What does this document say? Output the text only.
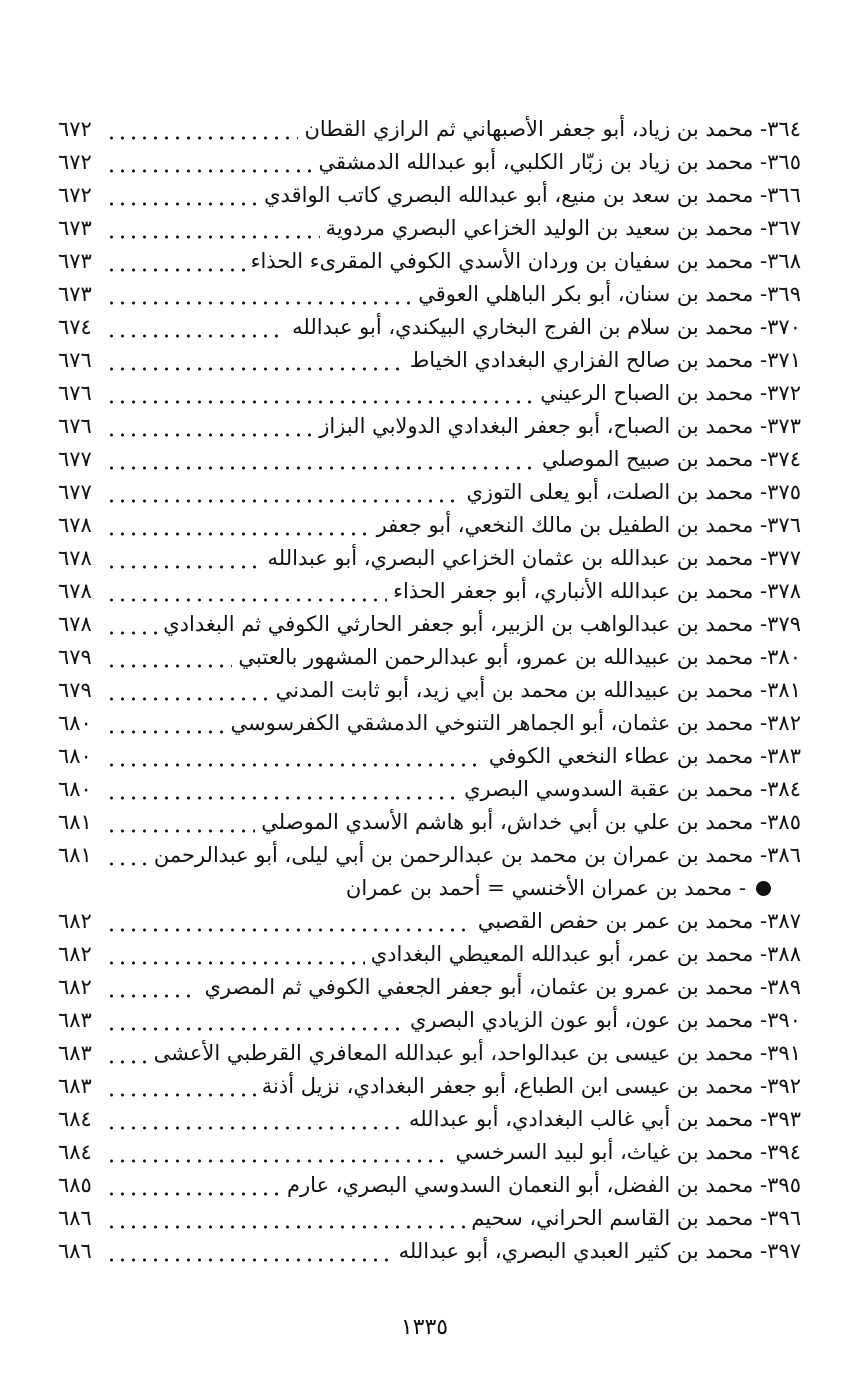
٣٦٤- محمد بن زياد، أبو جعفر الأصبهاني ثم الرازي القطان
٦٧٢
٣٦٥- محمد بن زياد بن زبّار الكلبي، أبو عبدالله الدمشقي
٦٧٢
٣٦٦- محمد بن سعد بن منيع، أبو عبدالله البصري كاتب الواقدي
٦٧٢
٣٦٧- محمد بن سعيد بن الوليد الخزاعي البصري مردوية
٦٧٣
٣٦٨- محمد بن سفيان بن وردان الأسدي الكوفي المقرىء الحذاء
٦٧٣
٣٦٩- محمد بن سنان، أبو بكر الباهلي العوقي
٦٧٣
٣٧٠- محمد بن سلام بن الفرج البخاري البيكندي، أبو عبدالله
٦٧٤
٣٧١- محمد بن صالح الفزاري البغدادي الخياط
٦٧٦
٣٧٢- محمد بن الصباح الرعيني
٦٧٦
٣٧٣- محمد بن الصباح، أبو جعفر البغدادي الدولابي البزاز
٦٧٦
٣٧٤- محمد بن صبيح الموصلي
٦٧٧
٣٧٥- محمد بن الصلت، أبو يعلى التوزي
٦٧٧
٣٧٦- محمد بن الطفيل بن مالك النخعي، أبو جعفر
٦٧٨
٣٧٧- محمد بن عبدالله بن عثمان الخزاعي البصري، أبو عبدالله
٦٧٨
٣٧٨- محمد بن عبدالله الأنباري، أبو جعفر الحذاء
٦٧٨
٣٧٩- محمد بن عبدالواهب بن الزبير، أبو جعفر الحارثي الكوفي ثم البغدادي
٦٧٨
٣٨٠- محمد بن عبيدالله بن عمرو، أبو عبدالرحمن المشهور بالعتبي
٦٧٩
٣٨١- محمد بن عبيدالله بن محمد بن أبي زيد، أبو ثابت المدني
٦٧٩
٣٨٢- محمد بن عثمان، أبو الجماهر التنوخي الدمشقي الكفرسوسي
٦٨٠
٣٨٣- محمد بن عطاء النخعي الكوفي
٦٨٠
٣٨٤- محمد بن عقبة السدوسي البصري
٦٨٠
٣٨٥- محمد بن علي بن أبي خداش، أبو هاشم الأسدي الموصلي
٦٨١
٣٨٦- محمد بن عمران بن محمد بن عبدالرحمن بن أبي ليلى، أبو عبدالرحمن
٦٨١
- محمد بن عمران الأخنسي = أحمد بن عمران
٣٨٧- محمد بن عمر بن حفص القصبي
٦٨٢
٣٨٨- محمد بن عمر، أبو عبدالله المعيطي البغدادي
٦٨٢
٣٨٩- محمد بن عمرو بن عثمان، أبو جعفر الجعفي الكوفي ثم المصري
٦٨٢
٣٩٠- محمد بن عون، أبو عون الزيادي البصري
٦٨٣
٣٩١- محمد بن عيسى بن عبدالواحد، أبو عبدالله المعافري القرطبي الأعشى
٦٨٣
٣٩٢- محمد بن عيسى ابن الطباع، أبو جعفر البغدادي، نزيل أذنة
٦٨٣
٣٩٣- محمد بن أبي غالب البغدادي، أبو عبدالله
٦٨٤
٣٩٤- محمد بن غياث، أبو لبيد السرخسي
٦٨٤
٣٩٥- محمد بن الفضل، أبو النعمان السدوسي البصري، عارم
٦٨٥
٣٩٦- محمد بن القاسم الحراني، سحيم
٦٨٦
٣٩٧- محمد بن كثير العبدي البصري، أبو عبدالله
٦٨٦
١٣٣٥
